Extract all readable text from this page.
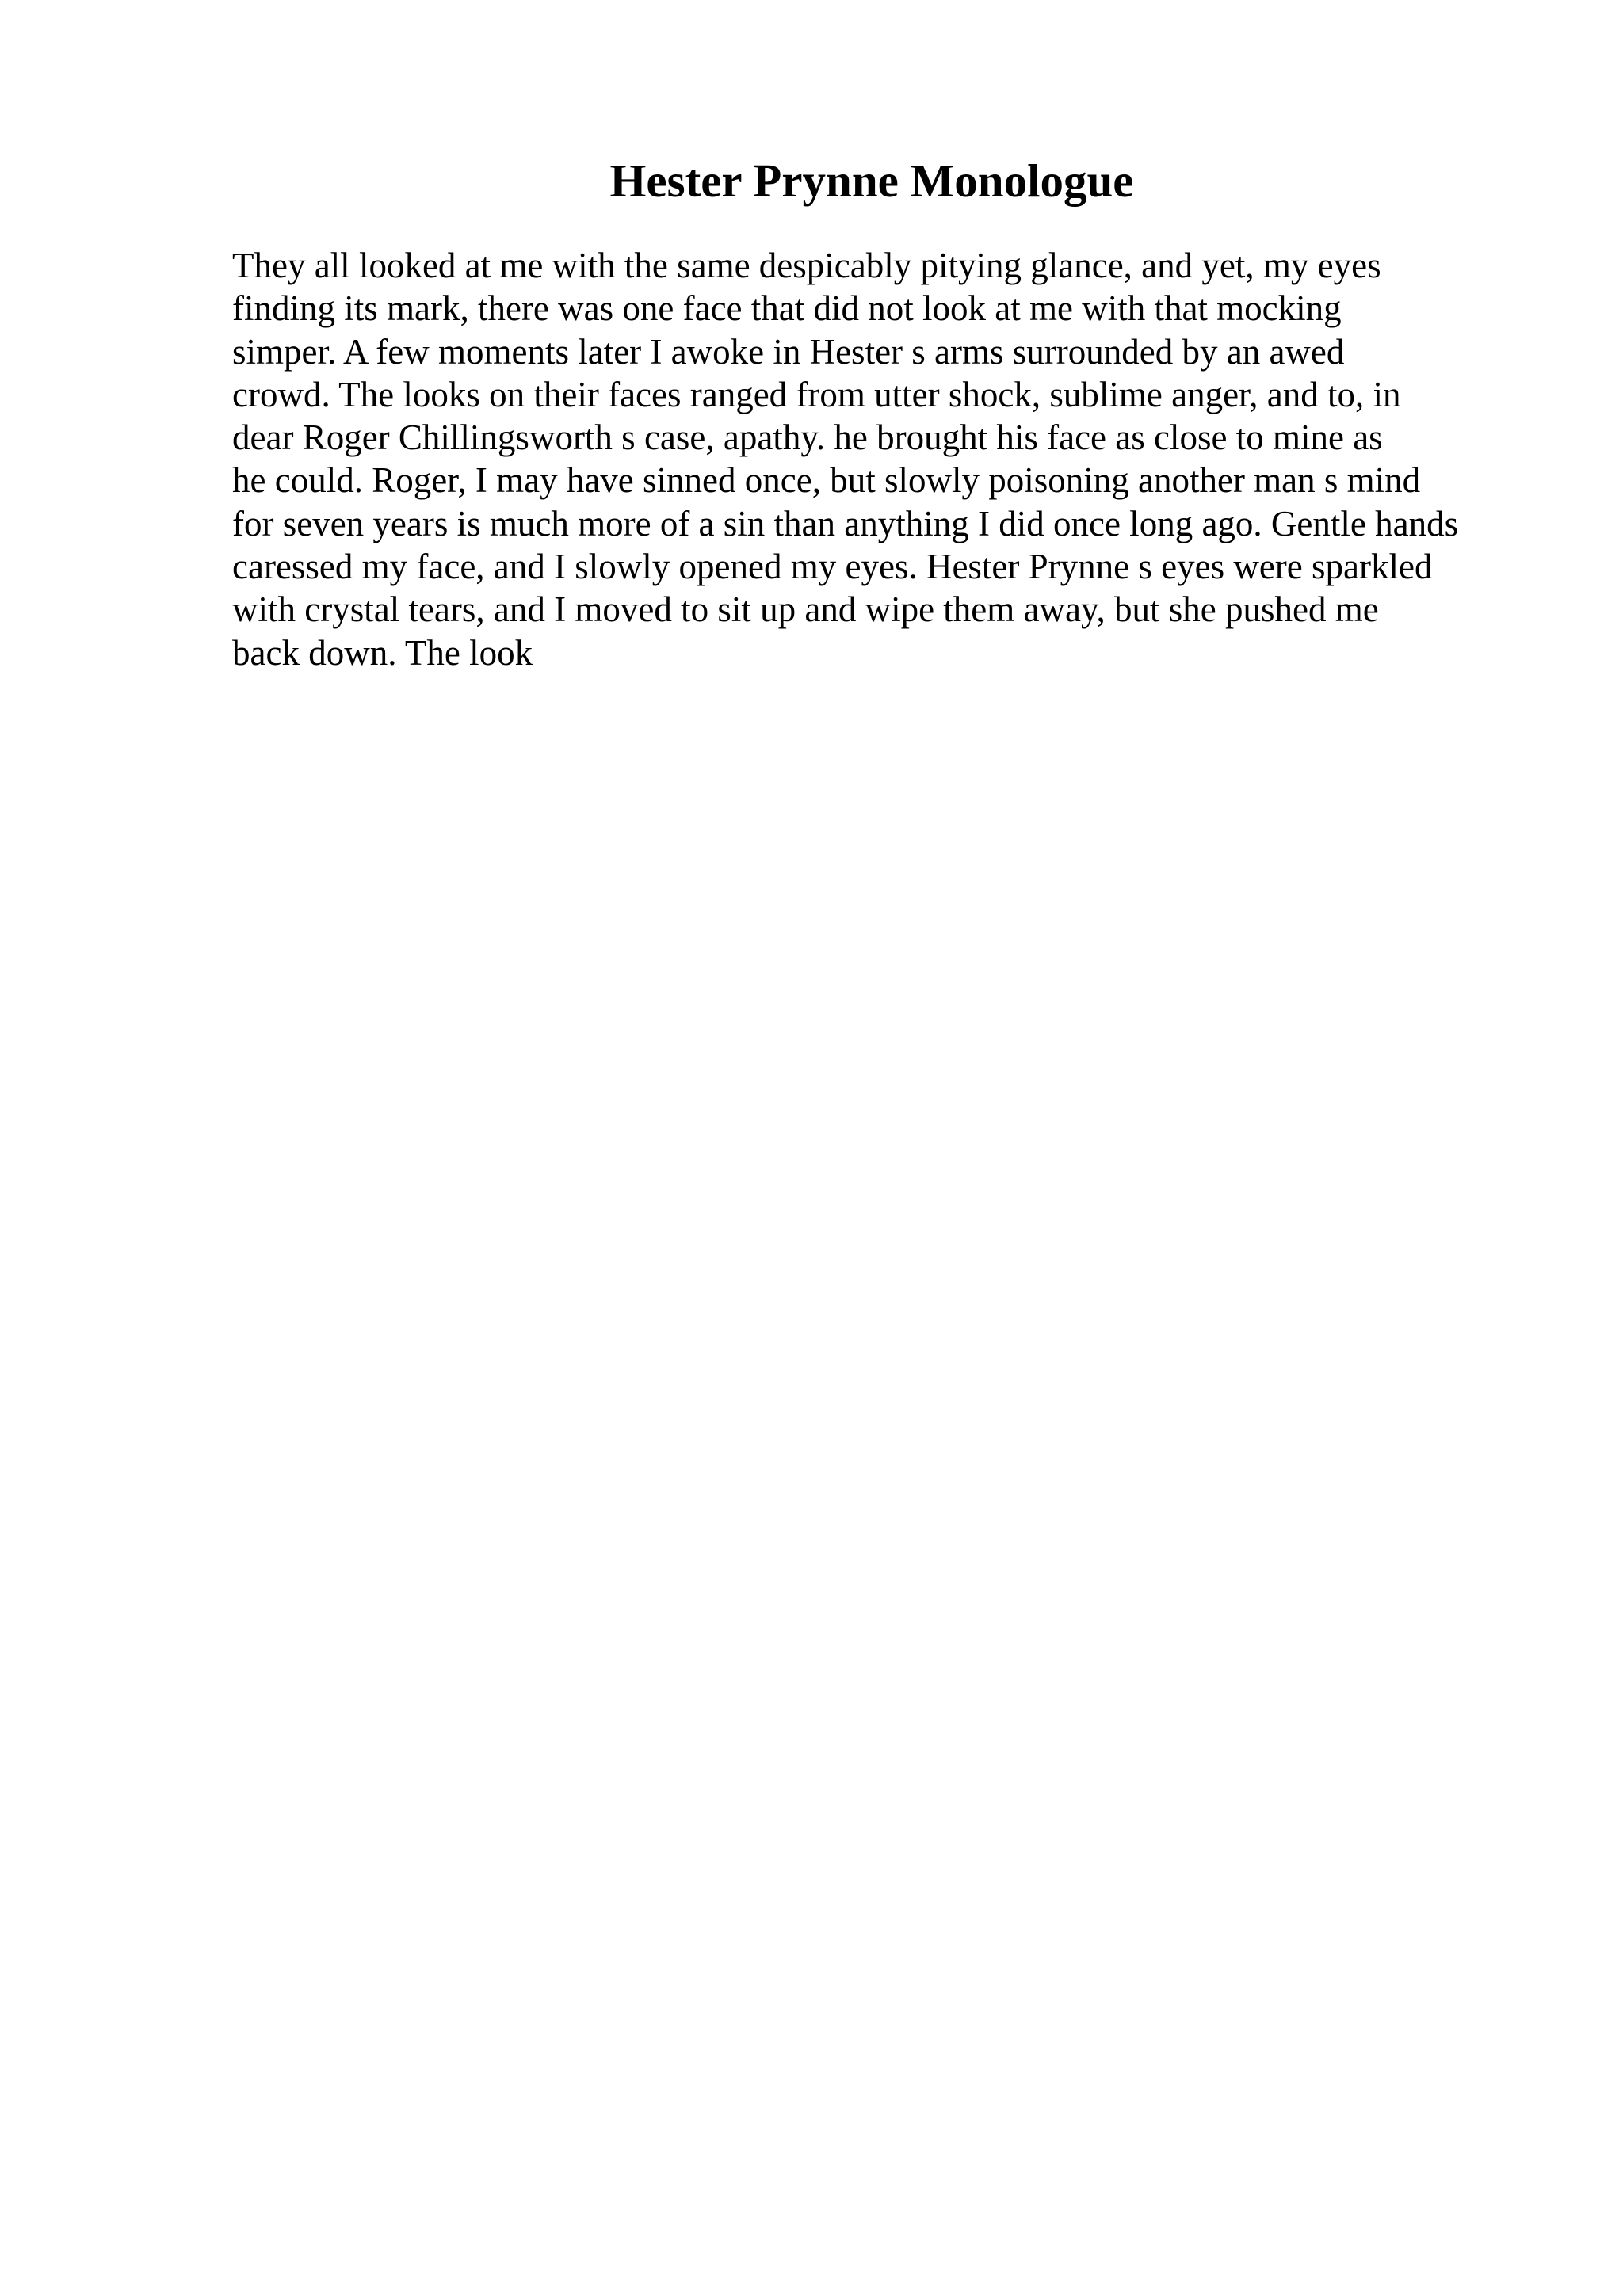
Hester Prynne Monologue
They all looked at me with the same despicably pitying glance, and yet, my eyes
finding its mark, there was one face that did not look at me with that mocking
simper. A few moments later I awoke in Hester s arms surrounded by an awed
crowd. The looks on their faces ranged from utter shock, sublime anger, and to, in
dear Roger Chillingsworth s case, apathy. he brought his face as close to mine as
he could. Roger, I may have sinned once, but slowly poisoning another man s mind
for seven years is much more of a sin than anything I did once long ago. Gentle hands
caressed my face, and I slowly opened my eyes. Hester Prynne s eyes were sparkled
with crystal tears, and I moved to sit up and wipe them away, but she pushed me
back down. The look
